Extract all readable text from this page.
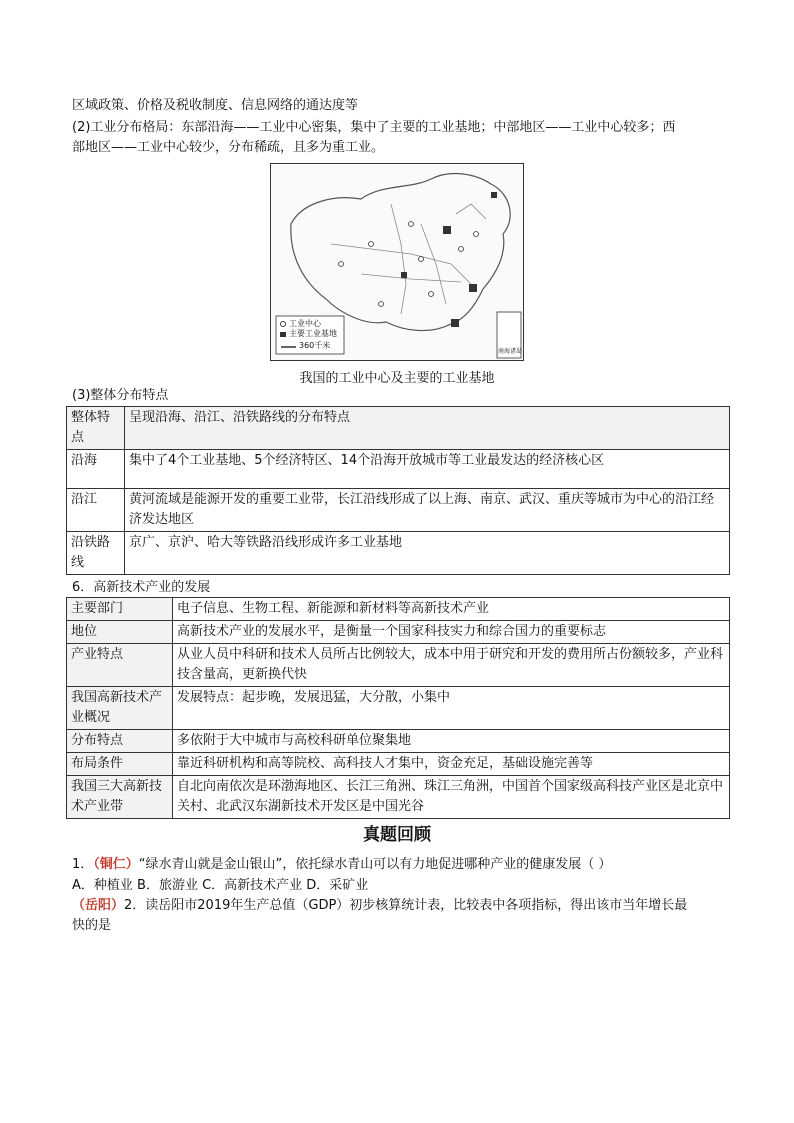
区域政策、价格及税收制度、信息网络的通达度等
(2)工业分布格局：东部沿海——工业中心密集，集中了主要的工业基地；中部地区——工业中心较多；西
部地区——工业中心较少，分布稀疏，且多为重工业。
工业中心
主要工业基地
360千米
南海诸岛
我国的工业中心及主要的工业基地
(3)整体分布特点
整体特点	呈现沿海、沿江、沿铁路线的分布特点
沿海	集中了4个工业基地、5个经济特区、14个沿海开放城市等工业最发达的经济核心区
沿江	黄河流域是能源开发的重要工业带，长江沿线形成了以上海、南京、武汉、重庆等城市为中心的沿江经济发达地区
沿铁路线	京广、京沪、哈大等铁路沿线形成许多工业基地
6．高新技术产业的发展
主要部门	电子信息、生物工程、新能源和新材料等高新技术产业
地位	高新技术产业的发展水平，是衡量一个国家科技实力和综合国力的重要标志
产业特点	从业人员中科研和技术人员所占比例较大，成本中用于研究和开发的费用所占份额较多，产业科技含量高，更新换代快
我国高新技术产业概况	发展特点：起步晚，发展迅猛，大分散，小集中
分布特点	多依附于大中城市与高校科研单位聚集地
布局条件	靠近科研机构和高等院校、高科技人才集中，资金充足，基础设施完善等
我国三大高新技术产业带	自北向南依次是环渤海地区、长江三角洲、珠江三角洲，中国首个国家级高科技产业区是北京中关村、北武汉东湖新技术开发区是中国光谷
真题回顾
1．（铜仁）“绿水青山就是金山银山”，依托绿水青山可以有力地促进哪种产业的健康发展（ ）
A．种植业 B．旅游业 C．高新技术产业 D．采矿业
（岳阳）2．读岳阳市2019年生产总值（GDP）初步核算统计表，比较表中各项指标，得出该市当年增长最
快的是
